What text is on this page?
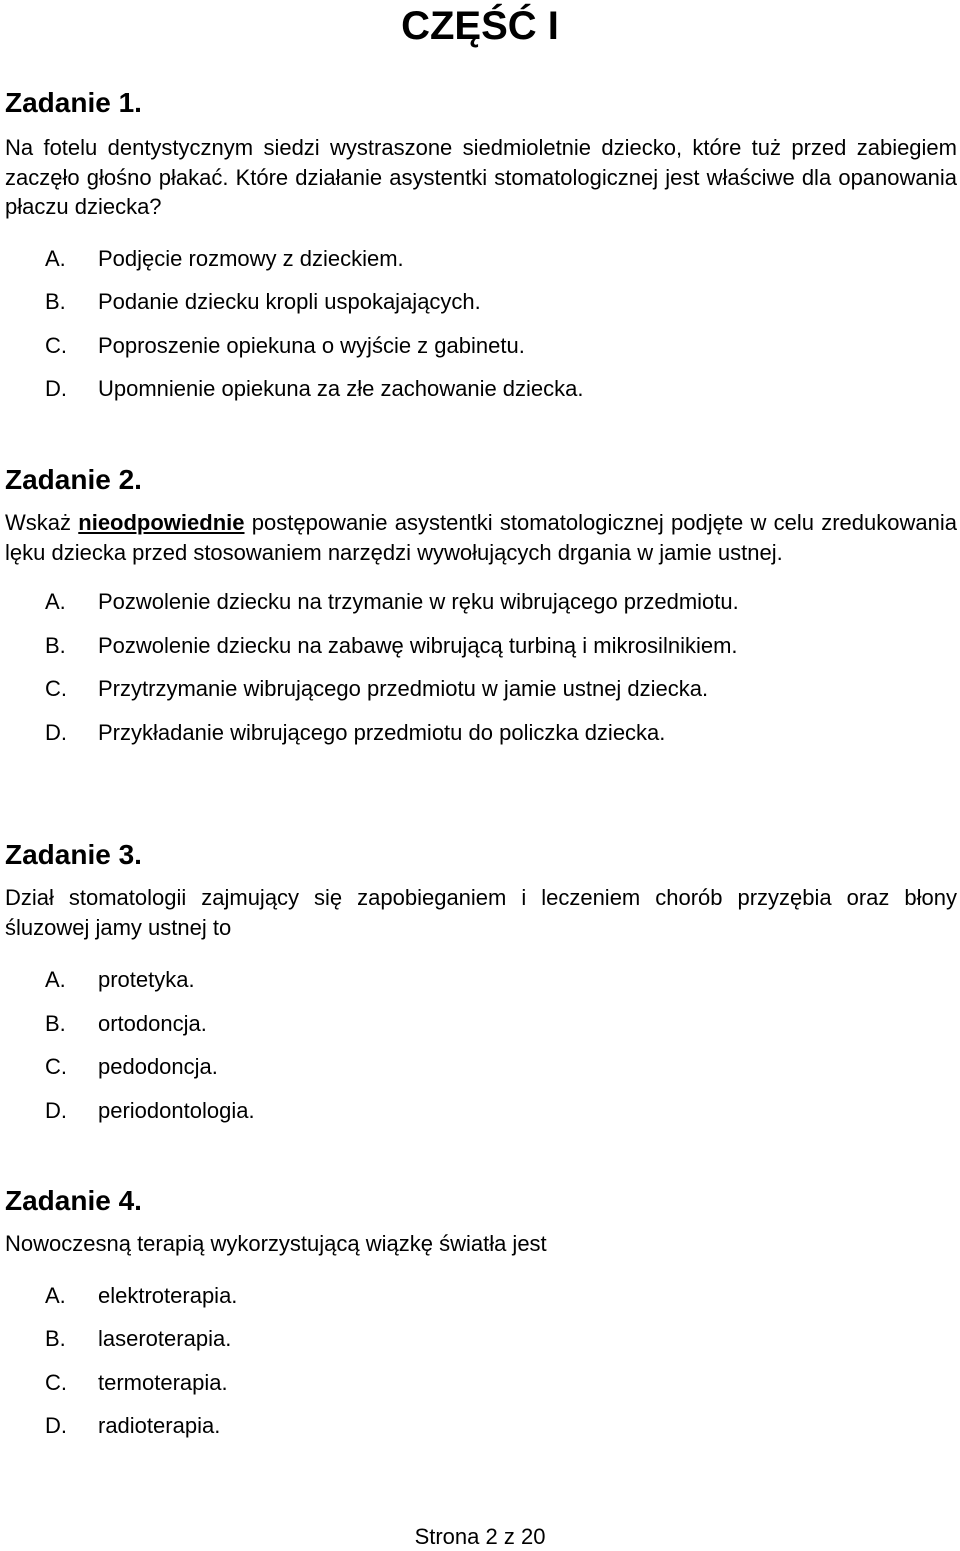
CZĘŚĆ I
Zadanie 1.

Na fotelu dentystycznym siedzi wystraszone siedmioletnie dziecko, które tuż przed zabiegiem zaczęło głośno płakać. Które działanie asystentki stomatologicznej jest właściwe dla opanowania płaczu dziecka?

A.	Podjęcie rozmowy z dzieckiem.
B.	Podanie dziecku kropli uspokajających.
C.	Poproszenie opiekuna o wyjście z gabinetu.
D.	Upomnienie opiekuna za złe zachowanie dziecka.
Zadanie 2.

Wskaż nieodpowiednie postępowanie asystentki stomatologicznej podjęte w celu zredukowania lęku dziecka przed stosowaniem narzędzi wywołujących drgania w jamie ustnej.

A.	Pozwolenie dziecku na trzymanie w ręku wibrującego przedmiotu.
B.	Pozwolenie dziecku na zabawę wibrującą turbiną i mikrosilnikiem.
C.	Przytrzymanie wibrującego przedmiotu w jamie ustnej dziecka.
D.	Przykładanie wibrującego przedmiotu do policzka dziecka.
Zadanie 3.

Dział stomatologii zajmujący się zapobieganiem i leczeniem chorób przyzębia oraz błony śluzowej jamy ustnej to

A.	protetyka.
B.	ortodoncja.
C.	pedodoncja.
D.	periodontologia.
Zadanie 4.

Nowoczesną terapią wykorzystującą wiązkę światła jest

A.	elektroterapia.
B.	laseroterapia.
C.	termoterapia.
D.	radioterapia.
Strona 2 z 20
